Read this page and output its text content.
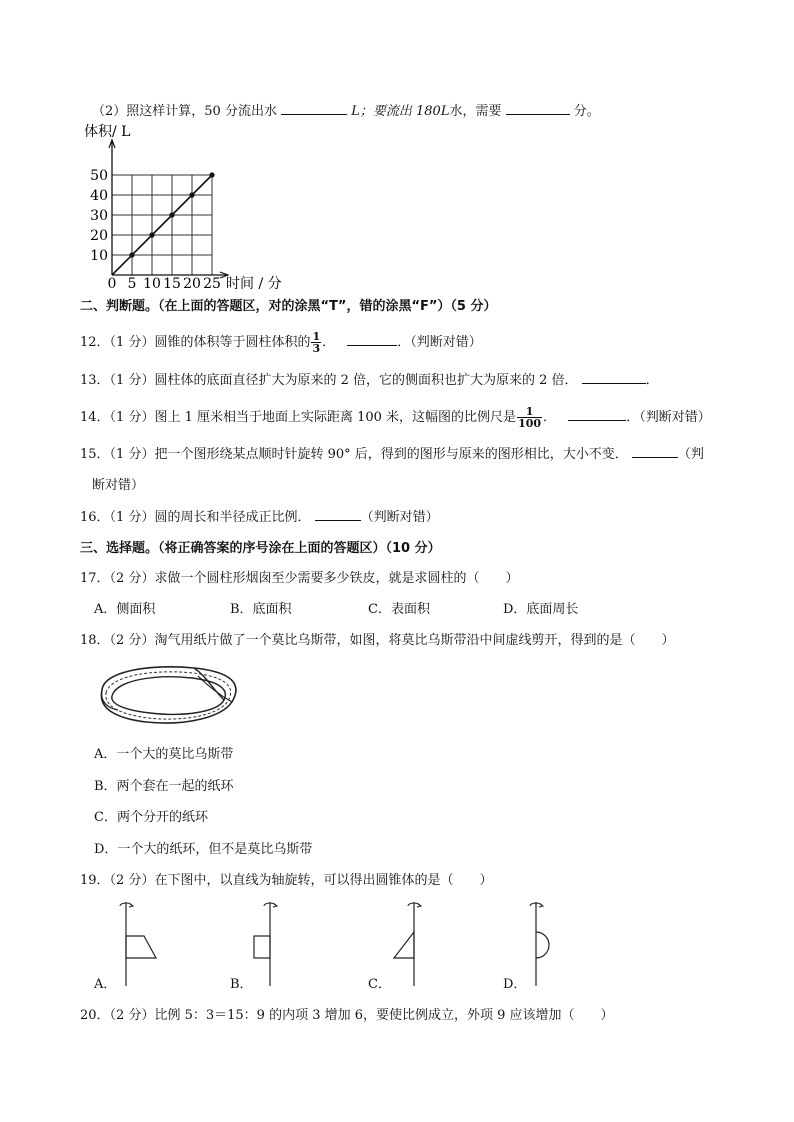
（2）照这样计算，50 分流出水	L；要流出 180L水，需要	分。
体积/ L
0 5 10 15 20 25
10
20
30
40
50
时间 / 分
二、判断题。（在上面的答题区，对的涂黑“T”，错的涂黑“F”）（5 分）
12．（1 分）圆锥的体积等于圆柱体积的 $\frac{1}{3}$ ．	．（判断对错）
13．（1 分）圆柱体的底面直径扩大为原来的 2 倍，它的侧面积也扩大为原来的 2 倍．	．
14．（1 分）图上 1 厘米相当于地面上实际距离 100 米，这幅图的比例尺是 $\frac{1}{100}$ ．	．（判断对错）
15．（1 分）把一个图形绕某点顺时针旋转 90° 后，得到的图形与原来的图形相比，大小不变．	（判
断对错）
16．（1 分）圆的周长和半径成正比例．	（判断对错）
三、选择题。（将正确答案的序号涂在上面的答题区）（10 分）
17．（2 分）求做一个圆柱形烟囱至少需要多少铁皮，就是求圆柱的（　　）
A．侧面积	B．底面积	C．表面积	D．底面周长
18．（2 分）淘气用纸片做了一个莫比乌斯带，如图，将莫比乌斯带沿中间虚线剪开，得到的是（　　）
A．一个大的莫比乌斯带
B．两个套在一起的纸环
C．两个分开的纸环
D．一个大的纸环，但不是莫比乌斯带
19．（2 分）在下图中，以直线为轴旋转，可以得出圆锥体的是（　　）
A．	B．	C．	D．
20．（2 分）比例 5：3＝15：9 的内项 3 增加 6，要使比例成立，外项 9 应该增加（　　）
